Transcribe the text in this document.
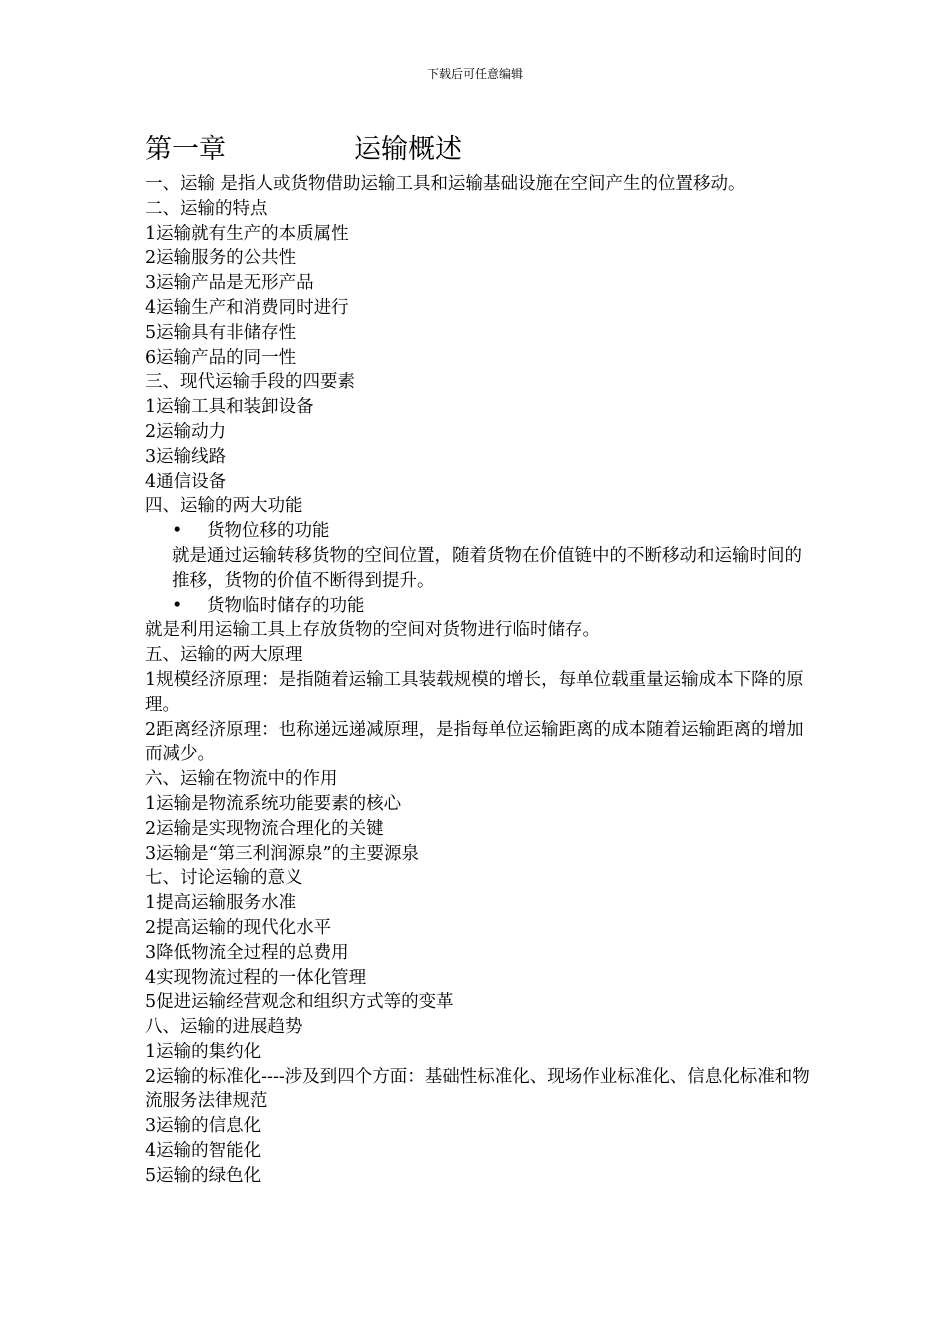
下载后可任意编辑
第一章	运输概述

一、运输 是指人或货物借助运输工具和运输基础设施在空间产生的位置移动。

二、运输的特点

1运输就有生产的本质属性

2运输服务的公共性

3运输产品是无形产品

4运输生产和消费同时进行

5运输具有非储存性

6运输产品的同一性

三、现代运输手段的四要素

1运输工具和装卸设备

2运输动力

3运输线路

4通信设备

四、运输的两大功能

• 货物位移的功能

就是通过运输转移货物的空间位置，随着货物在价值链中的不断移动和运输时间的推移，货物的价值不断得到提升。

• 货物临时储存的功能

就是利用运输工具上存放货物的空间对货物进行临时储存。

五、运输的两大原理

1规模经济原理：是指随着运输工具装载规模的增长，每单位载重量运输成本下降的原理。

2距离经济原理：也称递远递减原理，是指每单位运输距离的成本随着运输距离的增加而减少。

六、运输在物流中的作用

1运输是物流系统功能要素的核心

2运输是实现物流合理化的关键

3运输是“第三利润源泉”的主要源泉

七、讨论运输的意义

1提高运输服务水准

2提高运输的现代化水平

3降低物流全过程的总费用

4实现物流过程的一体化管理

5促进运输经营观念和组织方式等的变革

八、运输的进展趋势

1运输的集约化

2运输的标准化----涉及到四个方面：基础性标准化、现场作业标准化、信息化标准和物流服务法律规范

3运输的信息化

4运输的智能化

5运输的绿色化
